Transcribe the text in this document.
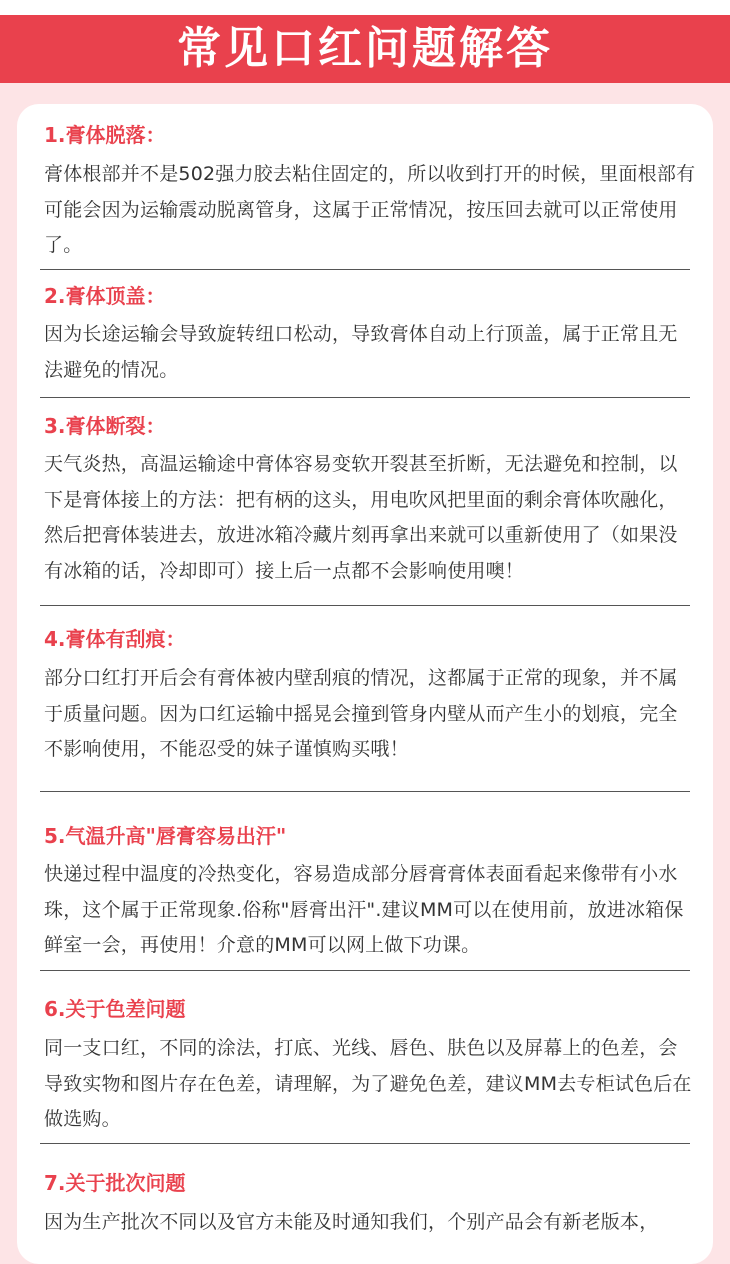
常见口红问题解答
1.膏体脱落：
膏体根部并不是502强力胶去粘住固定的，所以收到打开的时候，里面根部有可能会因为运输震动脱离管身，这属于正常情况，按压回去就可以正常使用了。
2.膏体顶盖：
因为长途运输会导致旋转纽口松动，导致膏体自动上行顶盖，属于正常且无法避免的情况。
3.膏体断裂：
天气炎热，高温运输途中膏体容易变软开裂甚至折断，无法避免和控制，以下是膏体接上的方法：把有柄的这头，用电吹风把里面的剩余膏体吹融化，然后把膏体装进去，放进冰箱冷藏片刻再拿出来就可以重新使用了（如果没有冰箱的话，冷却即可）接上后一点都不会影响使用噢！
4.膏体有刮痕：
部分口红打开后会有膏体被内壁刮痕的情况，这都属于正常的现象，并不属于质量问题。因为口红运输中摇晃会撞到管身内壁从而产生小的划痕，完全不影响使用，不能忍受的妹子谨慎购买哦！
5.气温升高"唇膏容易出汗"
快递过程中温度的冷热变化，容易造成部分唇膏膏体表面看起来像带有小水珠，这个属于正常现象.俗称"唇膏出汗".建议MM可以在使用前，放进冰箱保鲜室一会，再使用！介意的MM可以网上做下功课。
6.关于色差问题
同一支口红，不同的涂法，打底、光线、唇色、肤色以及屏幕上的色差，会导致实物和图片存在色差，请理解，为了避免色差，建议MM去专柜试色后在做选购。
7.关于批次问题
因为生产批次不同以及官方未能及时通知我们，个别产品会有新老版本，
